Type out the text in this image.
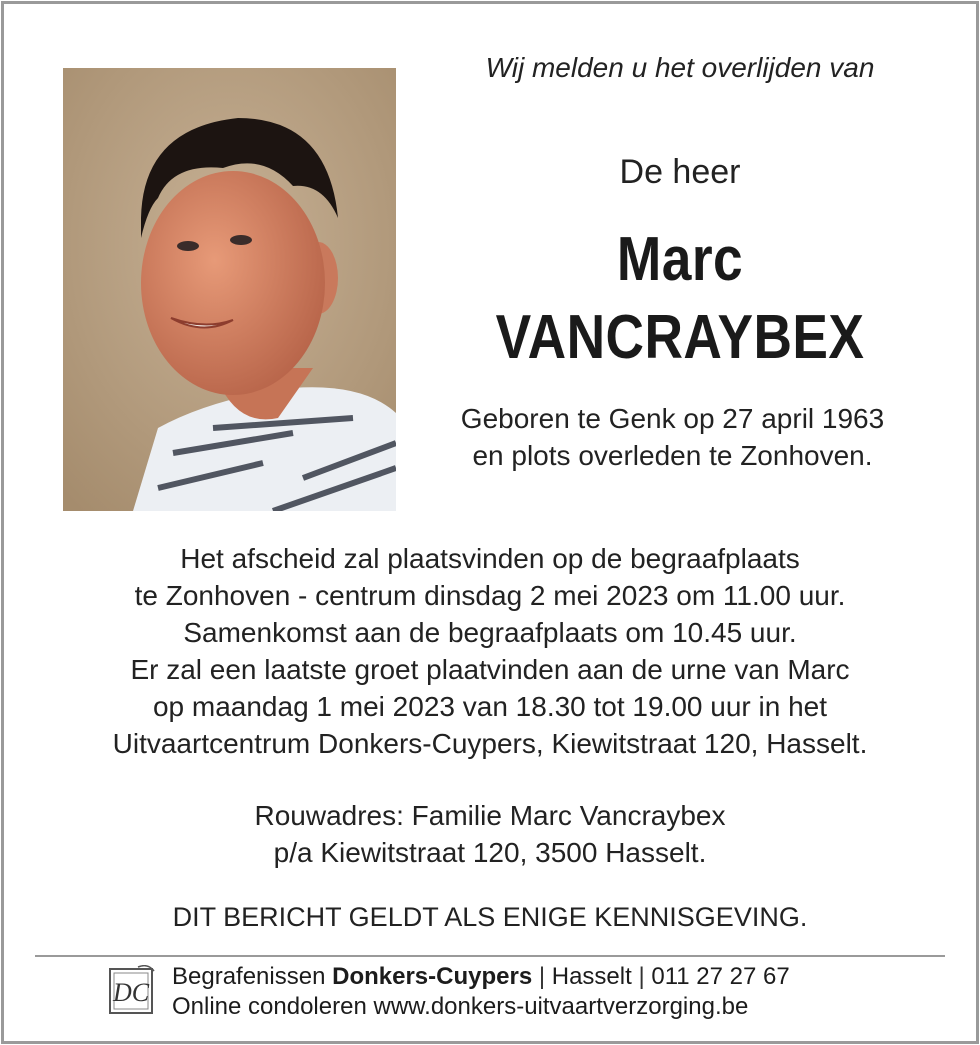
Wij melden u het overlijden van
De heer
Marc
VANCRAYBEX
Geboren te Genk op 27 april 1963
en plots overleden te Zonhoven.
Het afscheid zal plaatsvinden op de begraafplaats
te Zonhoven - centrum dinsdag 2 mei 2023 om 11.00 uur.
Samenkomst aan de begraafplaats om 10.45 uur.
Er zal een laatste groet plaatvinden aan de urne van Marc
op maandag 1 mei 2023 van 18.30 tot 19.00 uur in het
Uitvaartcentrum Donkers-Cuypers, Kiewitstraat 120, Hasselt.
Rouwadres: Familie Marc Vancraybex
p/a Kiewitstraat 120, 3500 Hasselt.
DIT BERICHT GELDT ALS ENIGE KENNISGEVING.
DC
Begrafenissen Donkers-Cuypers | Hasselt | 011 27 27 67
Online condoleren www.donkers-uitvaartverzorging.be
